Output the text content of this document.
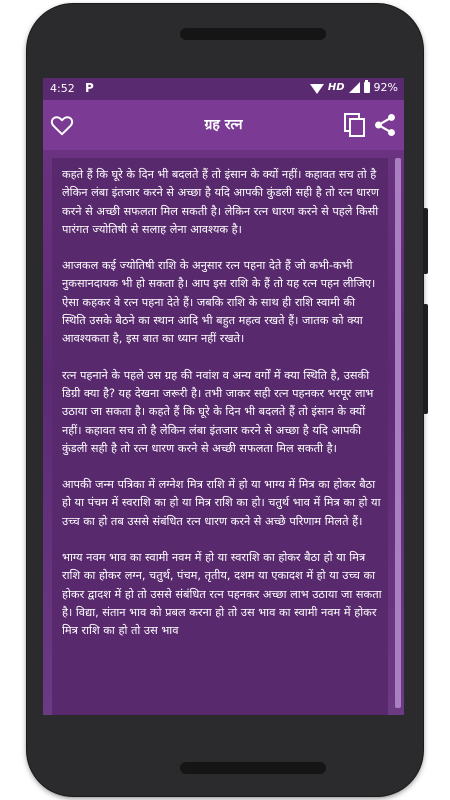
4:52 P	HD	92%
ग्रह रत्न

कहते हैं कि घूरे के दिन भी बदलते हैं तो इंसान के क्यों नहीं। कहावत सच तो है लेकिन लंबा इंतजार करने से अच्छा है यदि आपकी कुंडली सही है तो रत्न धारण करने से अच्छी सफलता मिल सकती है। लेकिन रत्न धारण करने से पहले किसी पारंगत ज्योतिषी से सलाह लेना आवश्यक है।

आजकल कई ज्योतिषी राशि के अनुसार रत्न पहना देते हैं जो कभी-कभी नुकसानदायक भी हो सकता है। आप इस राशि के हैं तो यह रत्न पहन लीजिए। ऐसा कहकर वे रत्न पहना देते हैं। जबकि राशि के साथ ही राशि स्वामी की स्थिति उसके बैठने का स्थान आदि भी बहुत महत्व रखते हैं। जातक को क्या आवश्यकता है, इस बात का ध्यान नहीं रखते।

रत्न पहनाने के पहले उस ग्रह की नवांश व अन्य वर्गों में क्या स्थिति है, उसकी डिग्री क्या है? यह देखना जरूरी है। तभी जाकर सही रत्न पहनकर भरपूर लाभ उठाया जा सकता है। कहते हैं कि घूरे के दिन भी बदलते हैं तो इंसान के क्यों नहीं। कहावत सच तो है लेकिन लंबा इंतजार करने से अच्छा है यदि आपकी कुंडली सही है तो रत्न धारण करने से अच्छी सफलता मिल सकती है।

आपकी जन्म पत्रिका में लग्नेश मित्र राशि में हो या भाग्य में मित्र का होकर बैठा हो या पंचम में स्वराशि का हो या मित्र राशि का हो। चतुर्थ भाव में मित्र का हो या उच्च का हो तब उससे संबंधित रत्न धारण करने से अच्छे परिणाम मिलते हैं।

भाग्य नवम भाव का स्वामी नवम में हो या स्वराशि का होकर बैठा हो या मित्र राशि का होकर लग्न, चतुर्थ, पंचम, तृतीय, दशम या एकादश में हो या उच्च का होकर द्वादश में हो तो उससे संबंधित रत्न पहनकर अच्छा लाभ उठाया जा सकता है। विद्या, संतान भाव को प्रबल करना हो तो उस भाव का स्वामी नवम में होकर मित्र राशि का हो तो उस भाव
